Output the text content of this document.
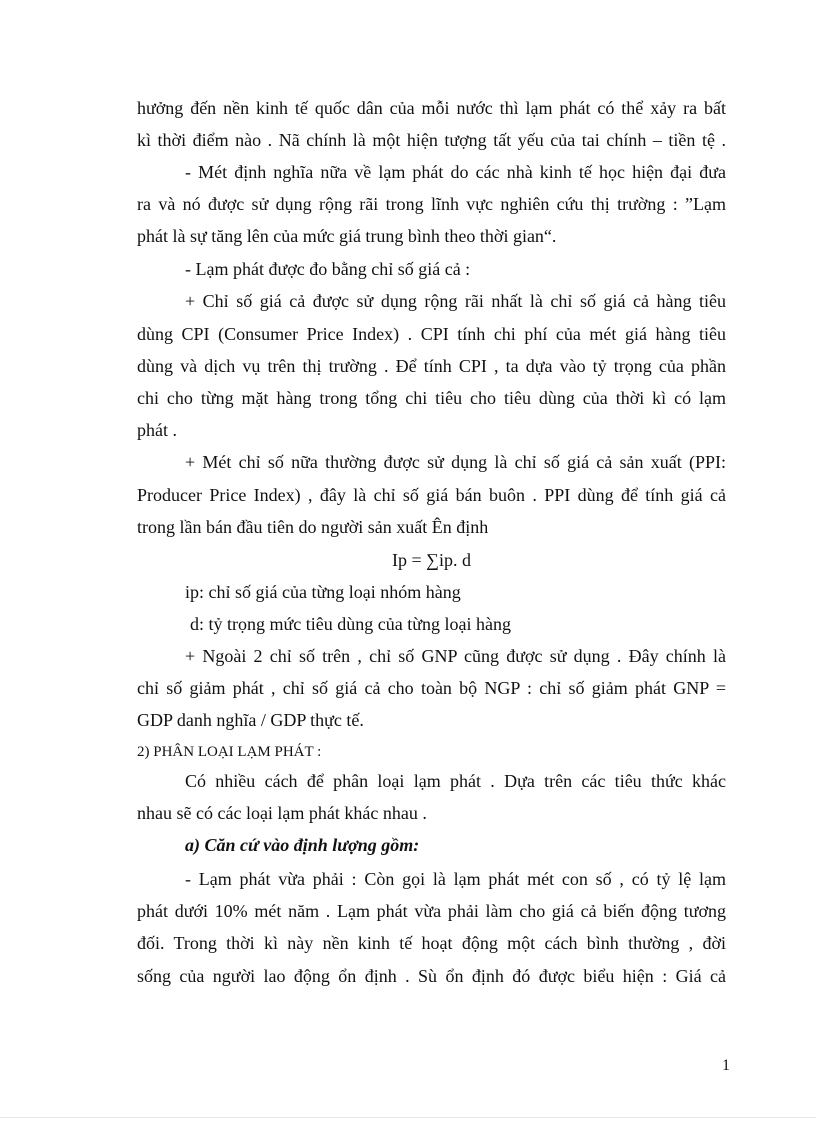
hưởng đến nền kinh tế quốc dân của mỗi nước thì lạm phát có thể xảy ra bất
kì thời điểm nào . Nã chính là một hiện tượng tất yếu của tai chính – tiền tệ .
- Mét định nghĩa nữa về lạm phát do các nhà kinh tế học hiện đại đưa
ra và nó được sử dụng rộng rãi trong lĩnh vực nghiên cứu thị trường : ”Lạm
phát là sự tăng lên của mức giá trung bình theo thời gian“.
- Lạm phát được đo bằng chỉ số giá cả :
+ Chỉ số giá cả được sử dụng rộng rãi nhất là chỉ số giá cả hàng tiêu
dùng CPI (Consumer Price Index) . CPI tính chi phí của mét giá hàng tiêu
dùng và dịch vụ trên thị trường . Để tính CPI , ta dựa vào tỷ trọng của phần
chi cho từng mặt hàng trong tổng chi tiêu cho tiêu dùng của thời kì có lạm
phát .
+ Mét chỉ số nữa thường được sử dụng là chỉ số giá cả sản xuất (PPI:
Producer Price Index) , đây là chỉ số giá bán buôn . PPI dùng để tính giá cả
trong lần bán đầu tiên do người sản xuất Ên định
Ip = ∑ip. d
ip: chỉ số giá của từng loại nhóm hàng
d: tỷ trọng mức tiêu dùng của từng loại hàng
+ Ngoài 2 chỉ số trên , chỉ số GNP cũng được sử dụng . Đây chính là
chỉ số giảm phát , chỉ số giá cả cho toàn bộ NGP : chỉ số giảm phát GNP =
GDP danh nghĩa / GDP thực tế.
2) PHÂN LOẠI LẠM PHÁT :
Có nhiều cách để phân loại lạm phát . Dựa trên các tiêu thức khác
nhau sẽ có các loại lạm phát khác nhau .
a) Căn cứ vào định lượng gồm:
- Lạm phát vừa phải : Còn gọi là lạm phát mét con số , có tỷ lệ lạm
phát dưới 10% mét năm . Lạm phát vừa phải làm cho giá cả biến động tương
đối. Trong thời kì này nền kinh tế hoạt động một cách bình thường , đời
sống của người lao động ổn định . Sù ổn định đó được biểu hiện : Giá cả
1
